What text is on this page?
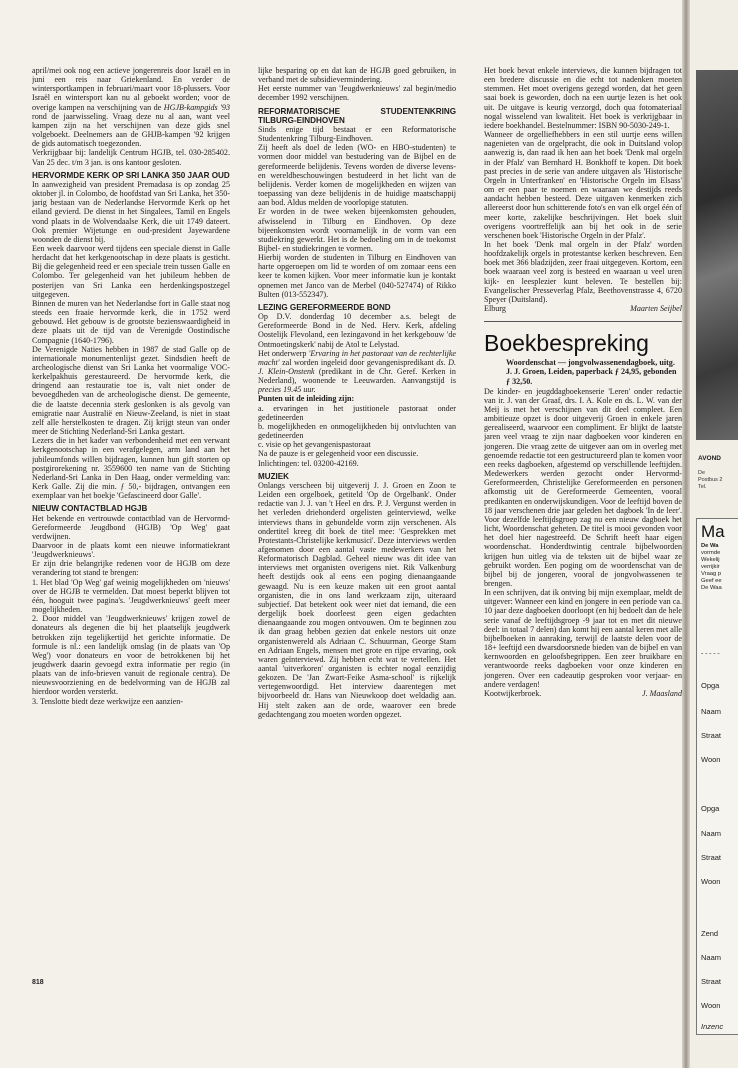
april/mei ook nog een actieve jongerenreis door Israël en in juni een reis naar Griekenland. En verder de wintersportkampen in februari/maart voor 18-plussers. Voor Israël en wintersport kan nu al geboekt worden; voor de overige kampen na verschijning van de HGJB-kampgids '93 rond de jaarwisseling. Vraag deze nu al aan, want veel kampen zijn na het verschijnen van deze gids snel volgeboekt. Deelnemers aan de GHJB-kampen '92 krijgen de gids automatisch toegezonden.

Verkrijgbaar bij: landelijk Centrum HGJB, tel. 030-285402. Van 25 dec. t/m 3 jan. is ons kantoor gesloten.

HERVORMDE KERK OP SRI LANKA 350 JAAR OUD

In aanwezigheid van president Premadasa is op zondag 25 oktober jl. in Colombo, de hoofdstad van Sri Lanka, het 350-jarig bestaan van de Nederlandse Hervormde Kerk op het eiland gevierd. De dienst in het Singalees, Tamil en Engels vond plaats in de Wolvendaalse Kerk, die uit 1749 dateert. Ook premier Wijetunge en oud-president Jayewardene woonden de dienst bij.

Een week daarvoor werd tijdens een speciale dienst in Galle herdacht dat het kerkgenootschap in deze plaats is gesticht. Bij die gelegenheid reed er een speciale trein tussen Galle en Colombo. Ter gelegenheid van het jubileum hebben de posterijen van Sri Lanka een herdenkingspostzegel uitgegeven.

Binnen de muren van het Nederlandse fort in Galle staat nog steeds een fraaie hervormde kerk, die in 1752 werd gebouwd. Het gebouw is de grootste bezienswaardigheid in deze plaats uit de tijd van de Verenigde Oostindische Compagnie (1640-1796).

De Verenigde Naties hebben in 1987 de stad Galle op de internationale monumentenlijst gezet. Sindsdien heeft de archeologische dienst van Sri Lanka het voormalige VOC-kerkelpakhuis gerestaureerd. De hervormde kerk, die dringend aan restauratie toe is, valt niet onder de bevoegdheden van de archeologische dienst. De gemeente, die de laatste decennia sterk geslonken is als gevolg van emigratie naar Australië en Nieuw-Zeeland, is niet in staat zelf alle herstelkosten te dragen. Zij krijgt steun van onder meer de Stichting Nederland-Sri Lanka gestart.

Lezers die in het kader van verbondenheid met een verwant kerkgenootschap in een verafgelegen, arm land aan het jubileumfonds willen bijdragen, kunnen hun gift storten op postgirorekening nr. 3559600 ten name van de Stichting Nederland-Sri Lanka in Den Haag, onder vermelding van: Kerk Galle. Zij die min. ƒ 50,- bijdragen, ontvangen een exemplaar van het boekje 'Gefascineerd door Galle'.

NIEUW CONTACTBLAD HGJB

Het bekende en vertrouwde contactblad van de Hervormd-Gereformeerde Jeugdbond (HGJB) 'Op Weg' gaat verdwijnen.

Daarvoor in de plaats komt een nieuwe informatiekrant 'Jeugdwerknieuws'.

Er zijn drie belangrijke redenen voor de HGJB om deze verandering tot stand te brengen:

1. Het blad 'Op Weg' gaf weinig mogelijkheden om 'nieuws' over de HGJB te vermelden. Dat moest beperkt blijven tot één, hooguit twee pagina's. 'Jeugdwerknieuws' geeft meer mogelijkheden.

2. Door middel van 'Jeugdwerknieuws' krijgen zowel de donateurs als degenen die bij het plaatselijk jeugdwerk betrokken zijn tegelijkertijd het gerichte informatie. De formule is nl.: een landelijk omslag (in de plaats van 'Op Weg') voor donateurs en voor de betrokkenen bij het jeugdwerk daarin gevoegd extra informatie per regio (in plaats van de info-brieven vanuit de regionale centra). De nieuwsvoorziening en de bedelvorming van de HGJB zal hierdoor worden versterkt.

3. Tenslotte biedt deze werkwijze een aanzien-

lijke besparing op en dat kan de HGJB goed gebruiken, in verband met de subsidievermindering.

Het eerste nummer van 'Jeugdwerknieuws' zal begin/medio december 1992 verschijnen.

REFORMATORISCHE STUDENTENKRING TILBURG-EINDHOVEN

Sinds enige tijd bestaat er een Reformatorische Studentenkring Tilburg-Eindhoven.

Zij heeft als doel de leden (WO- en HBO-studenten) te vormen door middel van bestudering van de Bijbel en de gereformeerde belijdenis. Tevens worden de diverse levens- en wereldbeschouwingen bestudeerd in het licht van de belijdenis. Verder komen de mogelijkheden en wijzen van toepassing van deze belijdenis in de huidige maatschappij aan bod. Aldus melden de voorlopige statuten.

Er worden in de twee weken bijeenkomsten gehouden, afwisselend in Tilburg en Eindhoven. Op deze bijeenkomsten wordt voornamelijk in de vorm van een studiekring gewerkt. Het is de bedoeling om in de toekomst Bijbel- en studiekringen te vormen.

Hierbij worden de studenten in Tilburg en Eindhoven van harte opgeroepen om lid te worden of om zomaar eens een keer te komen kijken. Voor meer informatie kun je kontakt opnemen met Janco van de Merbel (040-527474) of Rikko Bulten (013-552347).

LEZING GEREFORMEERDE BOND

Op D.V. donderdag 10 december a.s. belegt de Gereformeerde Bond in de Ned. Herv. Kerk, afdeling Oostelijk Flevoland, een lezingavond in het kerkgebouw 'de Ontmoetingskerk' nabij de Atol te Lelystad.

Het onderwerp 'Ervaring in het pastoraat van de rechterlijke macht' zal worden ingeleid door gevangenispredikant ds. D. J. Klein-Onstenk (predikant in de Chr. Geref. Kerken in Nederland), woonende te Leeuwarden. Aanvangstijd is precies 19.45 uur.

Punten uit de inleiding zijn:

a. ervaringen in het justitionele pastoraat onder gedetineerden

b. mogelijkheden en onmogelijkheden bij ontvluchten van gedetineerden

c. visie op het gevangenispastoraat

Na de pauze is er gelegenheid voor een discussie.

Inlichtingen: tel. 03200-42169.

MUZIEK

Onlangs verscheen bij uitgeverij J. J. Groen en Zoon te Leiden een orgelboek, getiteld 'Op de Orgelbank'. Onder redactie van J. J. van 't Heel en drs. P. J. Vergunst werden in het verleden driehonderd orgelisten geïnterviewd, welke interviews thans in gebundelde vorm zijn verschenen. Als ondertitel kreeg dit boek de titel mee: 'Gesprekken met Protestants-Christelijke kerkmusici'. Deze interviews werden afgenomen door een aantal vaste medewerkers van het Reformatorisch Dagblad. Geheel nieuw was dit idee van interviews met organisten overigens niet. Rik Valkenburg heeft destijds ook al eens een poging dienaangaande gewaagd. Nu is een keuze maken uit een groot aantal organisten, die in ons land werkzaam zijn, uiteraard subjectief. Dat betekent ook weer niet dat iemand, die een dergelijk boek doorleest geen eigen gedachten dienaangaande zou mogen ontvouwen. Om te beginnen zou ik dan graag hebben gezien dat enkele nestors uit onze organistenwereld als Adriaan C. Schuurman, George Stam en Adriaan Engels, mensen met grote en rijpe ervaring, ook waren geïnterviewd. Zij hebben echt wat te vertellen. Het aantal 'uitverkoren' organisten is echter nogal eenzijdig gekozen. De 'Jan Zwart-Feike Asma-school' is rijkelijk vertegenwoordigd. Het interview daarentegen met bijvoorbeeld dr. Hans van Nieuwkoop doet weldadig aan. Hij stelt zaken aan de orde, waarover een brede gedachtengang zou moeten worden opgezet.

Het boek bevat enkele interviews, die kunnen bijdragen tot een bredere discussie en die echt tot nadenken moeten stemmen. Het moet overigens gezegd worden, dat het geen saai boek is geworden, doch na een uurtje lezen is het ook uit. De uitgave is keurig verzorgd, doch qua fotomateriaal nogal wisselend van kwaliteit. Het boek is verkrijgbaar in iedere boekhandel. Bestelnummer: ISBN 90-5030-249-1.

Wanneer de orgelliefhebbers in een stil uurtje eens willen nagenieten van de orgelpracht, die ook in Duitsland volop aanwezig is, dan raad ik hen aan het boek 'Denk mal orgeln in der Pfalz' van Bernhard H. Bonkhoff te kopen. Dit boek past precies in de serie van andere uitgaven als 'Historische Orgeln in Unterfranken' en 'Historische Orgeln im Elsass' om er een paar te noemen en waaraan we destijds reeds aandacht hebben besteed. Deze uitgaven kenmerken zich allereerst door hun schitterende foto's en van elk orgel één of meer korte, zakelijke beschrijvingen. Het boek sluit overigens voortreffelijk aan bij het ook in de serie verschenen boek 'Historische Orgeln in der Pfalz'.

In het boek 'Denk mal orgeln in der Pfalz' worden hoofdzakelijk orgels in protestantse kerken beschreven. Een boek met 366 bladzijden, zeer fraai uitgegeven. Kortom, een boek waaraan veel zorg is besteed en waaraan u veel uren kijk- en leesplezier kunt beleven. Te bestellen bij: Evangelischer Presseverlag Pfalz, Beethovenstrasse 4, 6720 Speyer (Duitsland).

Elburg	Maarten Seijbel
Boekbespreking

Woordenschat — jongvolwassenendagboek, uitg. J. J. Groen, Leiden, paperback ƒ 24,95, gebonden ƒ 32,50.

De kinder- en jeugddagboekenserie 'Leren' onder redactie van ir. J. van der Graaf, drs. I. A. Kole en ds. L. W. van der Meij is met het verschijnen van dit deel compleet. Een ambitieuze opzet is door uitgeverij Groen in enkele jaren gerealiseerd, waarvoor een compliment. Er blijkt de laatste jaren veel vraag te zijn naar dagboeken voor kinderen en jongeren. Die vraag zette de uitgever aan om in overleg met genoemde redactie tot een gestructureerd plan te komen voor een reeks dagboeken, afgestemd op verschillende leeftijden. Medewerkers werden gezocht onder Hervormd-Gereformeerden, Christelijke Gereformeerden en personen afkomstig uit de Gereformeerde Gemeenten, vooral predikanten en onderwijskundigen. Voor de leeftijd boven de 18 jaar verschenen drie jaar geleden het dagboek 'In de leer'. Voor dezelfde leeftijdsgroep zag nu een nieuw dagboek het licht, Woordenschat geheten. De titel is mooi gevonden voor het doel hier nagestreefd. De Schrift heeft haar eigen woordenschat. Honderdtwintig centrale bijbelwoorden krijgen hun uitleg via de teksten uit de bijbel waar ze gebruikt worden. Een poging om de woordenschat van de bijbel bij de jongeren, vooral de jongvolwassenen te brengen.

In een schrijven, dat ik ontving bij mijn exemplaar, meldt de uitgever: Wanneer een kind en jongere in een periode van ca. 10 jaar deze dagboeken doorloopt (en hij bedoelt dan de hele serie vanaf de leeftijdsgroep -9 jaar tot en met dit nieuwe deel: in totaal 7 delen) dan komt hij een aantal keren met alle bijbelboeken in aanraking, terwijl de laatste delen voor de 18+ leeftijd een dwarsdoorsnede bieden van de bijbel en van kernwoorden en geloofsbegrippen. Een zeer bruikbare en verantwoorde reeks dagboeken voor onze kinderen en jongeren. Over een cadeautip gesproken voor verjaar- en andere verdagen!

Kootwijkerbroek.	J. Maasland
818
AVOND
De
Postbus 2
Tel.
Ma
De Wa
vormde
Wekelij
verrijkir
Vraag p
Geef ee
De Waa
- - - - -
Opga
Naam
Straat
Woon
Opga
Naam
Straat
Woon
Zend
Naam
Straat
Woon
Inzenc
